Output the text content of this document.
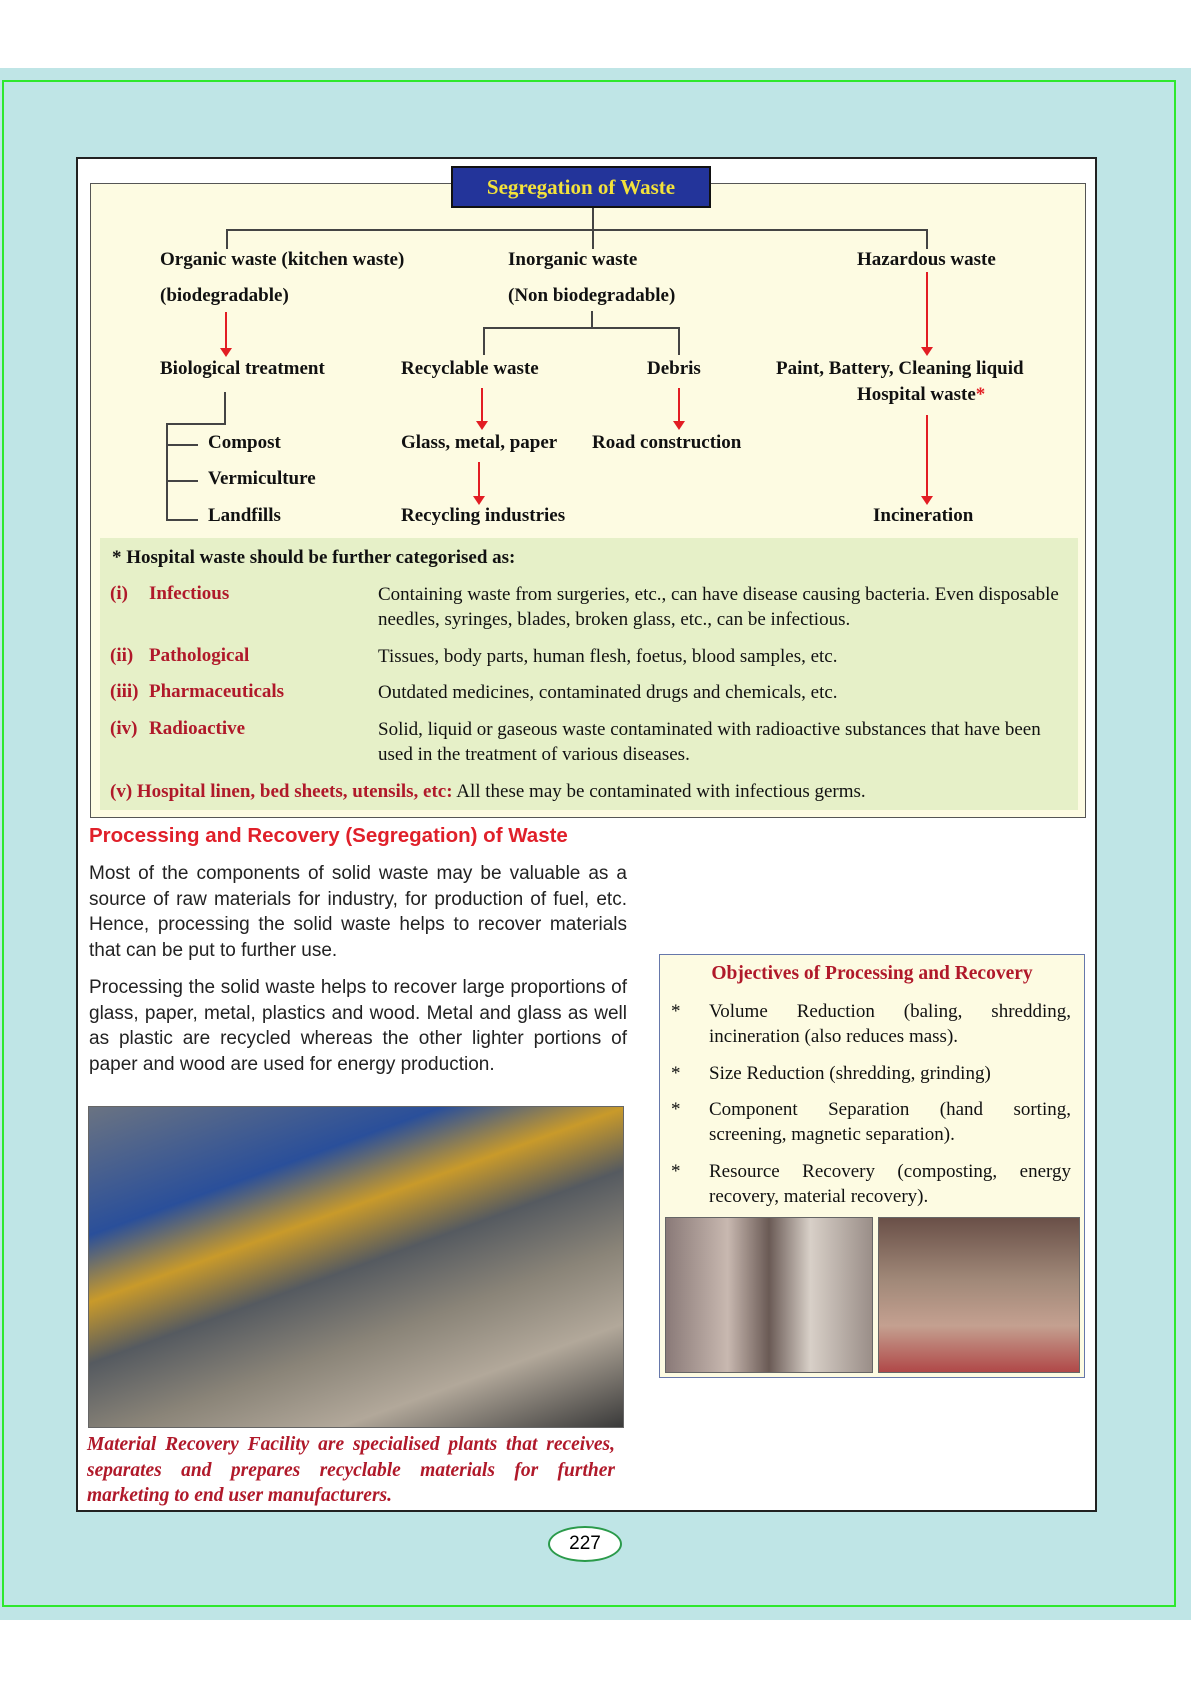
Segregation of Waste
Organic waste (kitchen waste)
(biodegradable)
Inorganic waste
(Non biodegradable)
Hazardous waste
Biological treatment	Recyclable waste	Debris	Paint, Battery, Cleaning liquid
Hospital waste*
Compost
Vermiculture
Landfills
Glass, metal, paper Road construction
Recycling industries	Incineration
* Hospital waste should be further categorised as:
(i) Infectious	Containing waste from surgeries, etc., can have disease causing bacteria. Even disposable needles, syringes, blades, broken glass, etc., can be infectious.
(ii) Pathological	Tissues, body parts, human flesh, foetus, blood samples, etc.
(iii) Pharmaceuticals	Outdated medicines, contaminated drugs and chemicals, etc.
(iv) Radioactive	Solid, liquid or gaseous waste contaminated with radioactive substances that have been used in the treatment of various diseases.
(v) Hospital linen, bed sheets, utensils, etc: All these may be contaminated with infectious germs.
Processing and Recovery (Segregation) of Waste
Most of the components of solid waste may be valuable as a source of raw materials for industry, for production of fuel, etc. Hence, processing the solid waste helps to recover materials that can be put to further use.
Processing the solid waste helps to recover large proportions of glass, paper, metal, plastics and wood. Metal and glass as well as plastic are recycled whereas the other lighter portions of paper and wood are used for energy production.
Material Recovery Facility are specialised plants that receives, separates and prepares recyclable materials for further marketing to end user manufacturers.
Objectives of Processing and Recovery
* Volume Reduction (baling, shredding, incineration (also reduces mass).
* Size Reduction (shredding, grinding)
* Component Separation (hand sorting, screening, magnetic separation).
* Resource Recovery (composting, energy recovery, material recovery).
227
